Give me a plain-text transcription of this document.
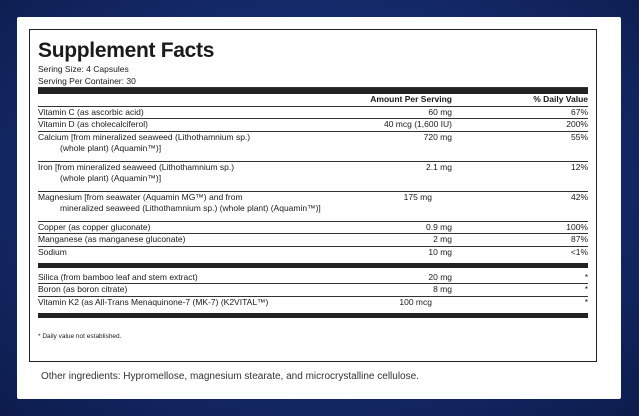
Supplement Facts
Sering Size: 4 Capsules
Serving Per Container: 30
Amount Per Serving	% Daily Value
Vitamin C (as ascorbic acid)	60 mg	67%
Vitamin D (as cholecalciferol)	40 mcg (1,600 IU)	200%
Calcium [from mineralized seaweed (Lithothamnium sp.)
(whole plant) (Aquamin™)]
720 mg	55%
Iron [from mineralized seaweed (Lithothamnium sp.)
(whole plant) (Aquamin™)]
2.1 mg	12%
Magnesium [from seawater (Aquamin MG™) and from
mineralized seaweed (Lithothamnium sp.) (whole plant) (Aquamin™)]
175 mg	42%
Copper (as copper gluconate)	0.9 mg	100%
Manganese (as manganese gluconate)	2 mg	87%
Sodium	10 mg	<1%
Silica (from bamboo leaf and stem extract)	20 mg	*
Boron (as boron citrate)	8 mg	*
Vitamin K2 (as All-Trans Menaquinone-7 (MK-7) (K2VITAL™)	100 mcg	*
* Daily value not established.
Other ingredients: Hypromellose, magnesium stearate, and microcrystalline cellulose.
